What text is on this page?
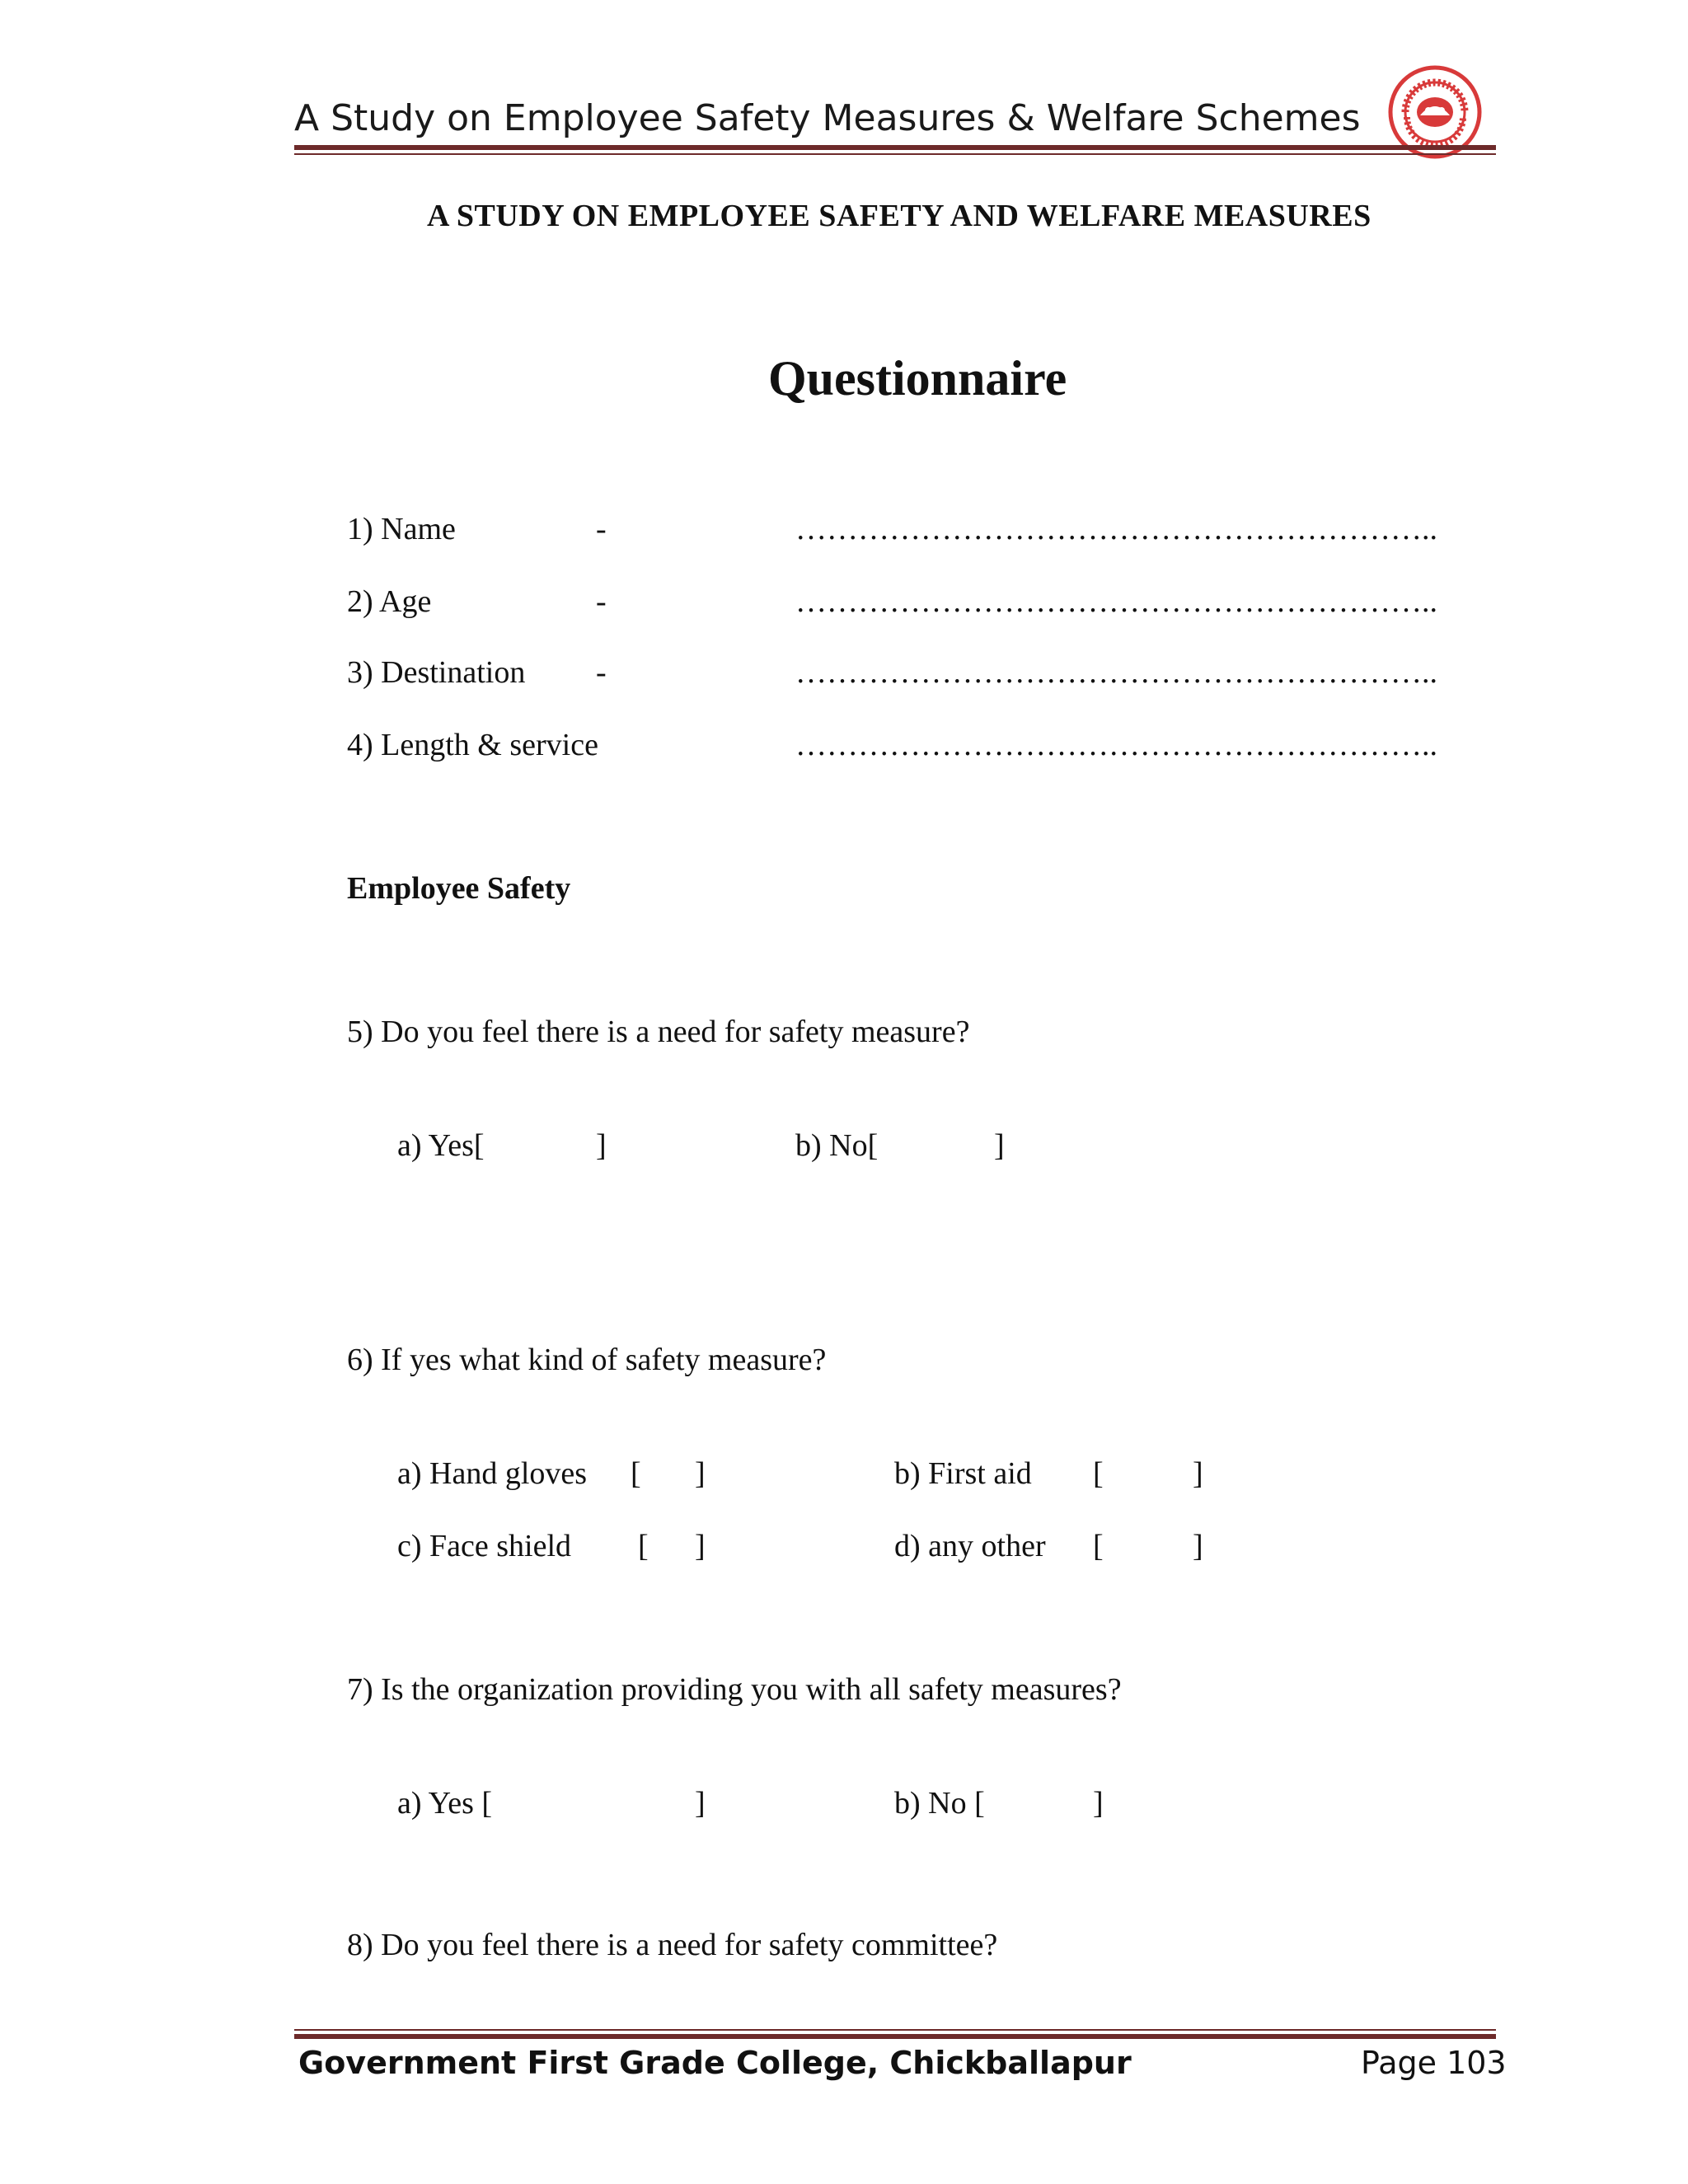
A Study on Employee Safety Measures & Welfare Schemes
A STUDY ON EMPLOYEE SAFETY AND WELFARE MEASURES
Questionnaire
1) Name	-	……………………………………………………..
2) Age	-	……………………………………………………..
3) Destination -	……………………………………………………..
4) Length & service	……………………………………………………..
Employee Safety
5) Do you feel there is a need for safety measure?
a) Yes[	]	b) No[	]
6) If yes what kind of safety measure?
a) Hand gloves [ ]	b) First aid [	]
c) Face shield [ ]	d) any other [	]
7) Is the organization providing you with all safety measures?
a) Yes [	]	b) No [	]
8) Do you feel there is a need for safety committee?
Government First Grade College, Chickballapur	Page 103
